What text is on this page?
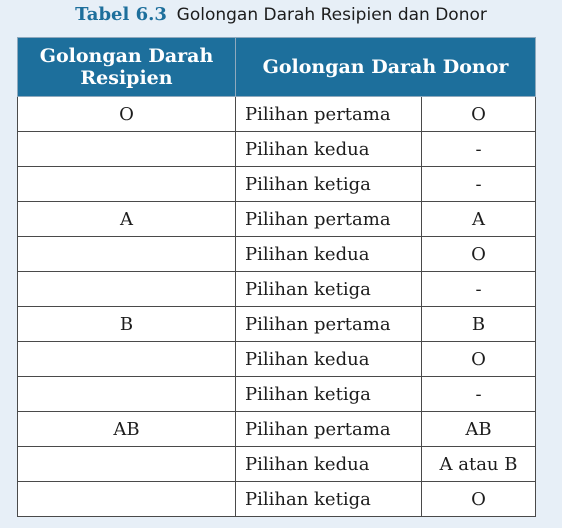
Tabel 6.3 Golongan Darah Resipien dan Donor
Golongan Darah Resipien	Golongan Darah Donor	
O	Pilihan pertama	O
	Pilihan kedua	-
	Pilihan ketiga	-
A	Pilihan pertama	A
	Pilihan kedua	O
	Pilihan ketiga	-
B	Pilihan pertama	B
	Pilihan kedua	O
	Pilihan ketiga	-
AB	Pilihan pertama	AB
	Pilihan kedua	A atau B
	Pilihan ketiga	O
